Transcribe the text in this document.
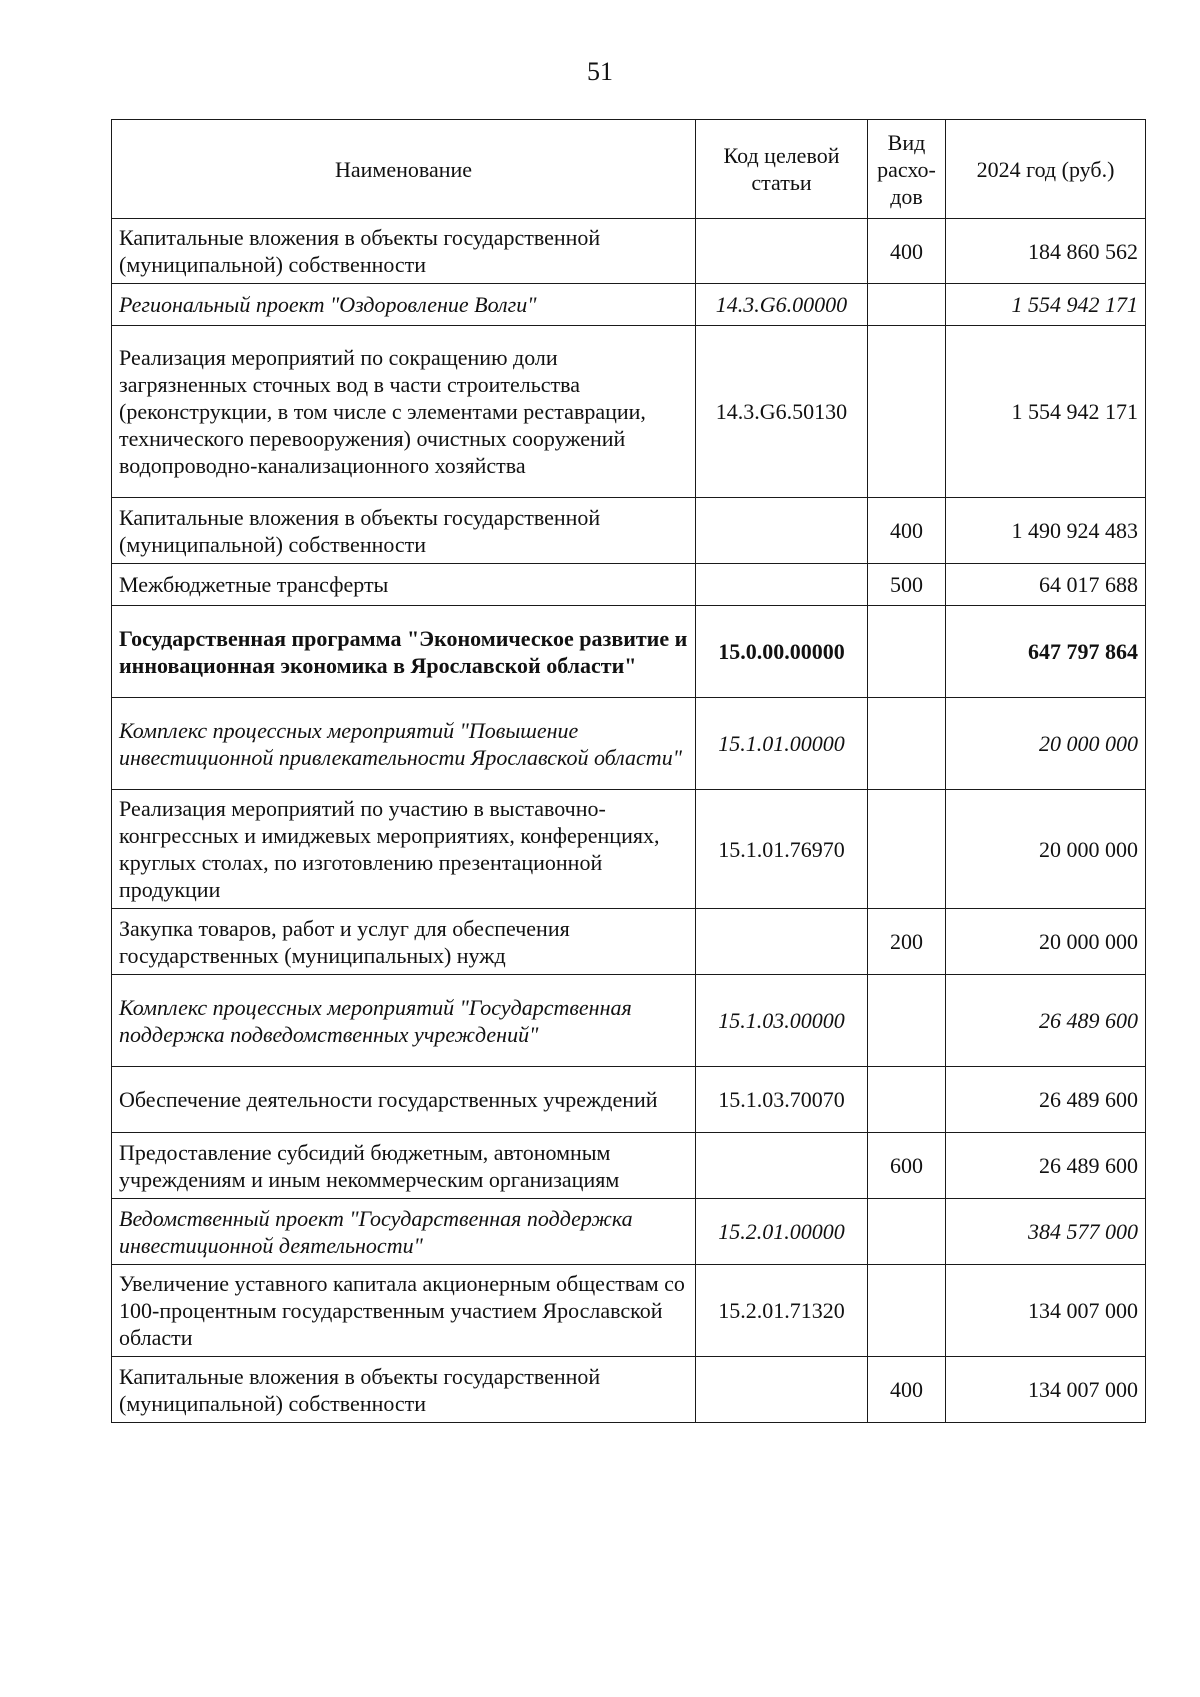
51
Наименование	Код целевой статьи	Вид расхо-дов	2024 год (руб.)
Капитальные вложения в объекты государственной (муниципальной) собственности		400	184 860 562
Региональный проект "Оздоровление Волги"	14.3.G6.00000		1 554 942 171
Реализация мероприятий по сокращению доли загрязненных сточных вод в части строительства (реконструкции, в том числе с элементами реставрации, технического перевооружения) очистных сооружений водопроводно-канализационного хозяйства	14.3.G6.50130		1 554 942 171
Капитальные вложения в объекты государственной (муниципальной) собственности		400	1 490 924 483
Межбюджетные трансферты		500	64 017 688
Государственная программа "Экономическое развитие и инновационная экономика в Ярославской области"	15.0.00.00000		647 797 864
Комплекс процессных мероприятий "Повышение инвестиционной привлекательности Ярославской области"	15.1.01.00000		20 000 000
Реализация мероприятий по участию в выставочно-конгрессных и имиджевых мероприятиях, конференциях, круглых столах, по изготовлению презентационной продукции	15.1.01.76970		20 000 000
Закупка товаров, работ и услуг для обеспечения государственных (муниципальных) нужд		200	20 000 000
Комплекс процессных мероприятий "Государственная поддержка подведомственных учреждений"	15.1.03.00000		26 489 600
Обеспечение деятельности государственных учреждений	15.1.03.70070		26 489 600
Предоставление субсидий бюджетным, автономным учреждениям и иным некоммерческим организациям		600	26 489 600
Ведомственный проект "Государственная поддержка инвестиционной деятельности"	15.2.01.00000		384 577 000
Увеличение уставного капитала акционерным обществам со 100-процентным государственным участием Ярославской области	15.2.01.71320		134 007 000
Капитальные вложения в объекты государственной (муниципальной) собственности		400	134 007 000
